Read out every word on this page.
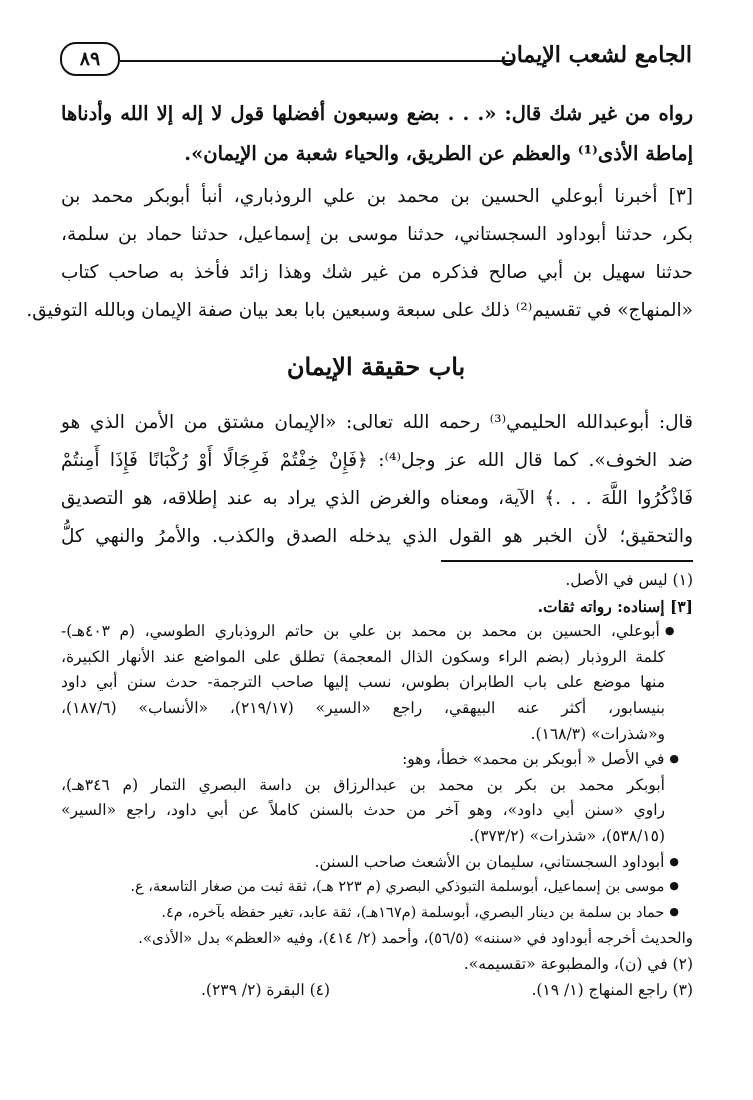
الجامع لشعب الإيمان
٨٩
رواه من غير شك قال: «. . . بضع وسبعون أفضلها قول لا إله إلا الله وأدناها
إماطة الأذى⁽¹⁾ والعظم عن الطريق، والحياء شعبة من الإيمان».
[٣] أخبرنا أبوعلي الحسين بن محمد بن علي الروذباري، أنبأ أبوبكر محمد بن
بكر، حدثنا أبوداود السجستاني، حدثنا موسى بن إسماعيل، حدثنا حماد بن سلمة،
حدثنا سهيل بن أبي صالح فذكره من غير شك وهذا زائد فأخذ به صاحب كتاب
«المنهاج» في تقسيم⁽²⁾ ذلك على سبعة وسبعين بابا بعد بيان صفة الإيمان وبالله التوفيق.
باب حقيقة الإيمان
قال: أبوعبدالله الحليمي⁽³⁾ رحمه الله تعالى: «الإيمان مشتق من الأمن الذي هو
ضد الخوف». كما قال الله عز وجل⁽⁴⁾: ﴿فَإِنْ خِفْتُمْ فَرِجَالًا أَوْ رُكْبَانًا فَإِذَا أَمِنتُمْ
فَاذْكُرُوا اللَّهَ . . .﴾ الآية، ومعناه والغرض الذي يراد به عند إطلاقه، هو التصديق
والتحقيق؛ لأن الخبر هو القول الذي يدخله الصدق والكذب. والأمرُ والنهي كلُّ
(١) ليس في الأصل.
[٣] إسناده: رواته ثقات.
● أبوعلي، الحسين بن محمد بن محمد بن علي بن حاتم الروذباري الطوسي، (م ٤٠٣هـ)-
كلمة الروذبار (بضم الراء وسكون الذال المعجمة) تطلق على المواضع عند الأنهار الكبيرة،
منها موضع على باب الطابران بطوس، نسب إليها صاحب الترجمة- حدث سنن أبي داود
بنيسابور، أكثر عنه البيهقي، راجع «السير» (٢١٩/١٧)، «الأنساب» (١٨٧/٦)،
و«شذرات» (١٦٨/٣).
● في الأصل « أبوبكر بن محمد» خطأ، وهو:
أبوبكر محمد بن بكر بن محمد بن عبدالرزاق بن داسة البصري التمار (م ٣٤٦هـ)،
راوي «سنن أبي داود»، وهو آخر من حدث بالسنن كاملاً عن أبي داود، راجع «السير»
(٥٣٨/١٥)، «شذرات» (٣٧٣/٢).
● أبوداود السجستاني، سليمان بن الأشعث صاحب السنن.
● موسى بن إسماعيل، أبوسلمة التبوذكي البصري (م ٢٢٣ هـ)، ثقة ثبت من صغار التاسعة، ع.
● حماد بن سلمة بن دينار البصري، أبوسلمة (م١٦٧هـ)، ثقة عابد، تغير حفظه بآخره، م٤.
والحديث أخرجه أبوداود في «سننه» (٥٦/٥)، وأحمد (٢/ ٤١٤)، وفيه «العظم» بدل «الأذى».
(٢) في (ن)، والمطبوعة «تقسيمه».
(٣) راجع المنهاج (١/ ١٩).
(٤) البقرة (٢/ ٢٣٩).
